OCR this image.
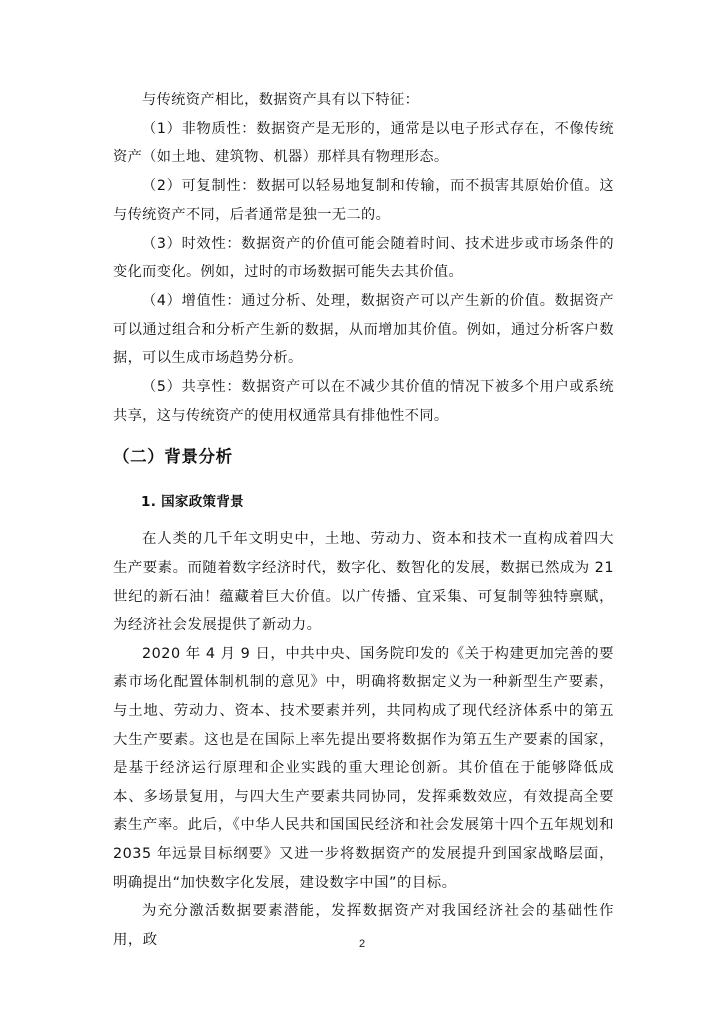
与传统资产相比，数据资产具有以下特征：

（1）非物质性：数据资产是无形的，通常是以电子形式存在，不像传统资产（如土地、建筑物、机器）那样具有物理形态。

（2）可复制性：数据可以轻易地复制和传输，而不损害其原始价值。这与传统资产不同，后者通常是独一无二的。

（3）时效性：数据资产的价值可能会随着时间、技术进步或市场条件的变化而变化。例如，过时的市场数据可能失去其价值。

（4）增值性：通过分析、处理，数据资产可以产生新的价值。数据资产可以通过组合和分析产生新的数据，从而增加其价值。例如，通过分析客户数据，可以生成市场趋势分析。

（5）共享性：数据资产可以在不减少其价值的情况下被多个用户或系统共享，这与传统资产的使用权通常具有排他性不同。

（二）背景分析
1. 国家政策背景

在人类的几千年文明史中，土地、劳动力、资本和技术一直构成着四大生产要素。而随着数字经济时代，数字化、数智化的发展，数据已然成为 21 世纪的新石油！蕴藏着巨大价值。以广传播、宜采集、可复制等独特禀赋，为经济社会发展提供了新动力。

2020 年 4 月 9 日，中共中央、国务院印发的《关于构建更加完善的要素市场化配置体制机制的意见》中，明确将数据定义为一种新型生产要素，与土地、劳动力、资本、技术要素并列，共同构成了现代经济体系中的第五大生产要素。这也是在国际上率先提出要将数据作为第五生产要素的国家，是基于经济运行原理和企业实践的重大理论创新。其价值在于能够降低成本、多场景复用，与四大生产要素共同协同，发挥乘数效应，有效提高全要素生产率。此后，《中华人民共和国国民经济和社会发展第十四个五年规划和 2035 年远景目标纲要》又进一步将数据资产的发展提升到国家战略层面，明确提出“加快数字化发展，建设数字中国”的目标。

为充分激活数据要素潜能，发挥数据资产对我国经济社会的基础性作用，政	2
